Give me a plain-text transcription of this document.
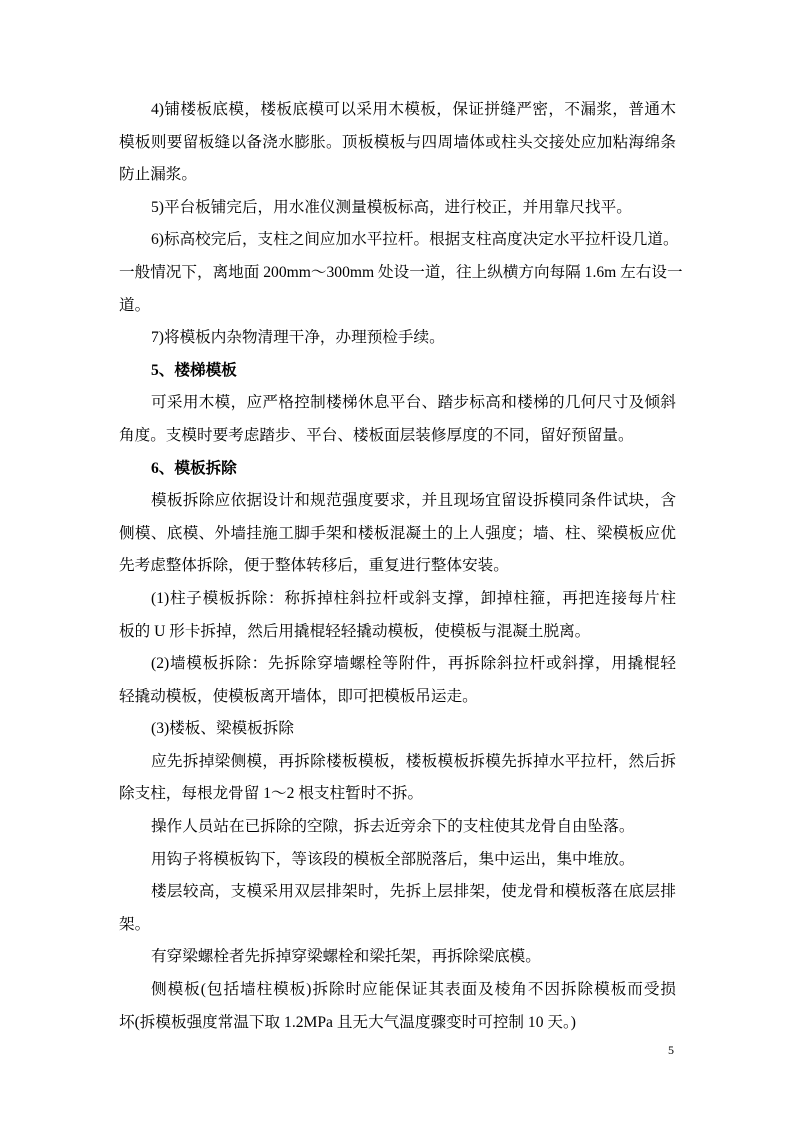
4)铺楼板底模，楼板底模可以采用木模板，保证拼缝严密，不漏浆，普通木
模板则要留板缝以备浇水膨胀。顶板模板与四周墙体或柱头交接处应加粘海绵条
防止漏浆。
5)平台板铺完后，用水准仪测量模板标高，进行校正，并用靠尺找平。
6)标高校完后，支柱之间应加水平拉杆。根据支柱高度决定水平拉杆设几道。
一般情况下，离地面 200mm～300mm 处设一道，往上纵横方向每隔 1.6m 左右设一
道。
7)将模板内杂物清理干净，办理预检手续。
5、楼梯模板
可采用木模，应严格控制楼梯休息平台、踏步标高和楼梯的几何尺寸及倾斜
角度。支模时要考虑踏步、平台、楼板面层装修厚度的不同，留好预留量。
6、模板拆除
模板拆除应依据设计和规范强度要求，并且现场宜留设拆模同条件试块，含
侧模、底模、外墙挂施工脚手架和楼板混凝土的上人强度；墙、柱、梁模板应优
先考虑整体拆除，便于整体转移后，重复进行整体安装。
(1)柱子模板拆除：称拆掉柱斜拉杆或斜支撑，卸掉柱箍，再把连接每片柱
板的 U 形卡拆掉，然后用撬棍轻轻撬动模板，使模板与混凝土脱离。
(2)墙模板拆除：先拆除穿墙螺栓等附件，再拆除斜拉杆或斜撑，用撬棍轻
轻撬动模板，使模板离开墙体，即可把模板吊运走。
(3)楼板、梁模板拆除
应先拆掉梁侧模，再拆除楼板模板，楼板模板拆模先拆掉水平拉杆，然后拆
除支柱，每根龙骨留 1～2 根支柱暂时不拆。
操作人员站在已拆除的空隙，拆去近旁余下的支柱使其龙骨自由坠落。
用钩子将模板钩下，等该段的模板全部脱落后，集中运出，集中堆放。
楼层较高，支模采用双层排架时，先拆上层排架，使龙骨和模板落在底层排
架。
有穿梁螺栓者先拆掉穿梁螺栓和梁托架，再拆除梁底模。
侧模板(包括墙柱模板)拆除时应能保证其表面及棱角不因拆除模板而受损
坏(拆模板强度常温下取 1.2MPa 且无大气温度骤变时可控制 10 天。)
5
